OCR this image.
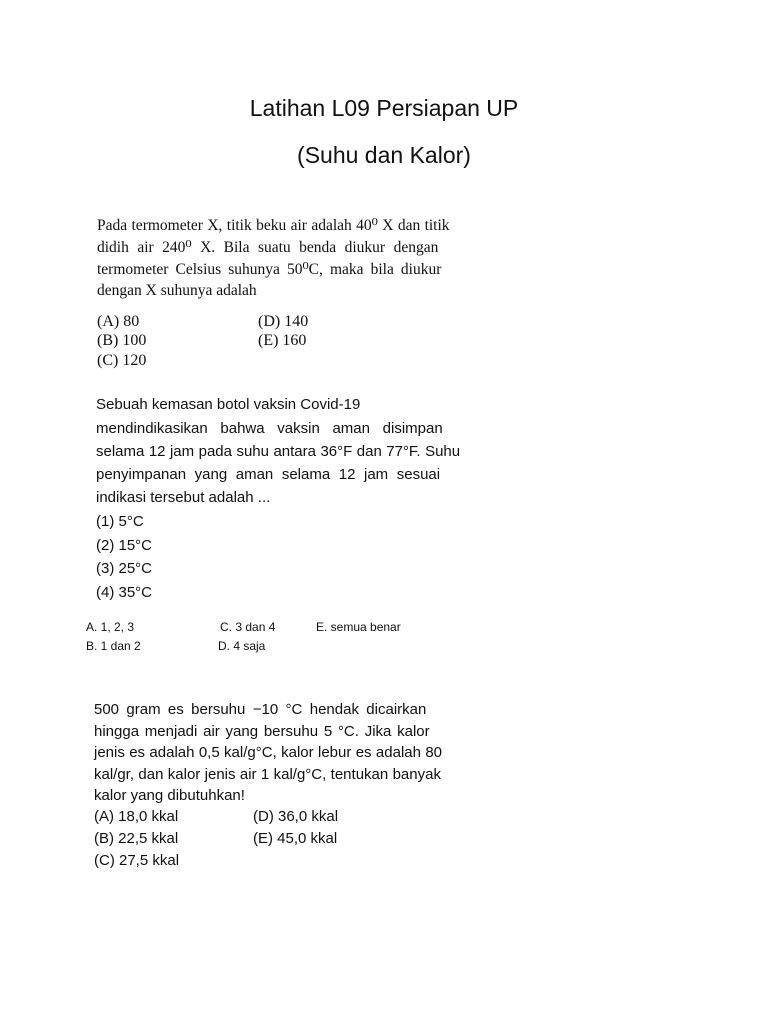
Latihan L09 Persiapan UP
(Suhu dan Kalor)
Pada termometer X, titik beku air adalah 40⁰ X dan titik
didih air 240⁰ X. Bila suatu benda diukur dengan
termometer Celsius suhunya 50⁰C, maka bila diukur
dengan X suhunya adalah
(A) 80
(B) 100
(C) 120
(D) 140
(E) 160
Sebuah kemasan botol vaksin Covid-19
mendindikasikan bahwa vaksin aman disimpan
selama 12 jam pada suhu antara 36°F dan 77°F. Suhu
penyimpanan yang aman selama 12 jam sesuai
indikasi tersebut adalah ...
(1) 5°C
(2) 15°C
(3) 25°C
(4) 35°C
A. 1, 2, 3
B. 1 dan 2
C. 3 dan 4
D. 4 saja
E. semua benar
500 gram es bersuhu −10 °C hendak dicairkan
hingga menjadi air yang bersuhu 5 °C. Jika kalor
jenis es adalah 0,5 kal/g°C, kalor lebur es adalah 80
kal/gr, dan kalor jenis air 1 kal/g°C, tentukan banyak
kalor yang dibutuhkan!
(A) 18,0 kkal
(B) 22,5 kkal
(C) 27,5 kkal
(D) 36,0 kkal
(E) 45,0 kkal
